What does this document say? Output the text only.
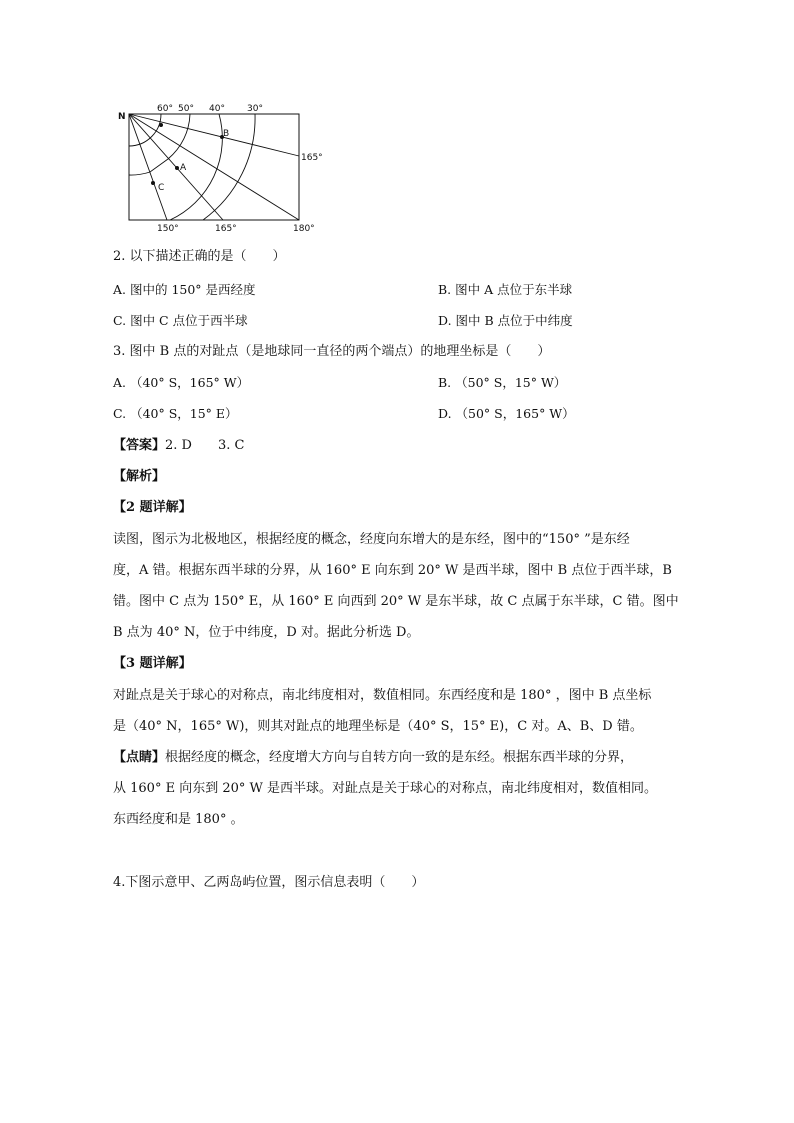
N
60° 50° 40° 30°
165°
150°	165°	180°
A
B
C
2. 以下描述正确的是（　　）
A. 图中的 150° 是西经度	B. 图中 A 点位于东半球
C. 图中 C 点位于西半球	D. 图中 B 点位于中纬度
3. 图中 B 点的对趾点（是地球同一直径的两个端点）的地理坐标是（　　）
A. （40° S，165° W）	B. （50° S，15° W）
C. （40° S，15° E）	D. （50° S，165° W）
【答案】2. D　　3. C
【解析】
【2 题详解】
读图，图示为北极地区，根据经度的概念，经度向东增大的是东经，图中的“150° ”是东经
度，A 错。根据东西半球的分界，从 160° E 向东到 20° W 是西半球，图中 B 点位于西半球，B
错。图中 C 点为 150° E，从 160° E 向西到 20° W 是东半球，故 C 点属于东半球，C 错。图中
B 点为 40° N，位于中纬度，D 对。据此分析选 D。
【3 题详解】
对趾点是关于球心的对称点，南北纬度相对，数值相同。东西经度和是 180° ，图中 B 点坐标
是（40° N，165° W)，则其对趾点的地理坐标是（40° S，15° E)，C 对。A、B、D 错。
【点睛】根据经度的概念，经度增大方向与自转方向一致的是东经。根据东西半球的分界，
从 160° E 向东到 20° W 是西半球。对趾点是关于球心的对称点，南北纬度相对，数值相同。
东西经度和是 180° 。
4.下图示意甲、乙两岛屿位置，图示信息表明（　　）
